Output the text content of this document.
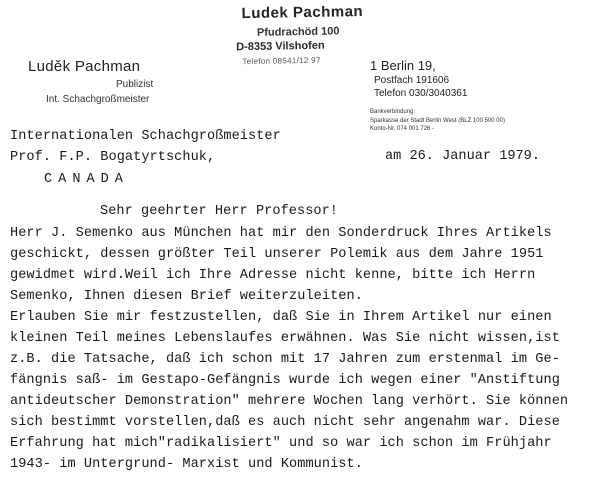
Ludek Pachman
Pfudrachöd 100
D-8353 Vilshofen
Telefon 08541/12 97
Luděk Pachman
Publizist
Int. Schachgroßmeister
1 Berlin 19,
Postfach 191606
Telefon 030/3040361
Bankverbindung:
Sparkasse der Stadt Berlin West (BLZ 100 500 00)
Konto-Nr. 074 001 726 -
Internationalen Schachgroßmeister
Prof. F.P. Bogatyrtschuk,
CANADA
am 26. Januar 1979.
Sehr geehrter Herr Professor!
Herr J. Semenko aus München hat mir den Sonderdruck Ihres Artikels
geschickt, dessen größter Teil unserer Polemik aus dem Jahre 1951
gewidmet wird.Weil ich Ihre Adresse nicht kenne, bitte ich Herrn
Semenko, Ihnen diesen Brief weiterzuleiten.
Erlauben Sie mir festzustellen, daß Sie in Ihrem Artikel nur einen
kleinen Teil meines Lebenslaufes erwähnen. Was Sie nicht wissen,ist
z.B. die Tatsache, daß ich schon mit 17 Jahren zum erstenmal im Ge-
fängnis saß- im Gestapo-Gefängnis wurde ich wegen einer "Anstiftung
antideutscher Demonstration" mehrere Wochen lang verhört. Sie können
sich bestimmt vorstellen,daß es auch nicht sehr angenahm war. Diese
Erfahrung hat mich"radikalisiert" und so war ich schon im Frühjahr
1943- im Untergrund- Marxist und Kommunist.
